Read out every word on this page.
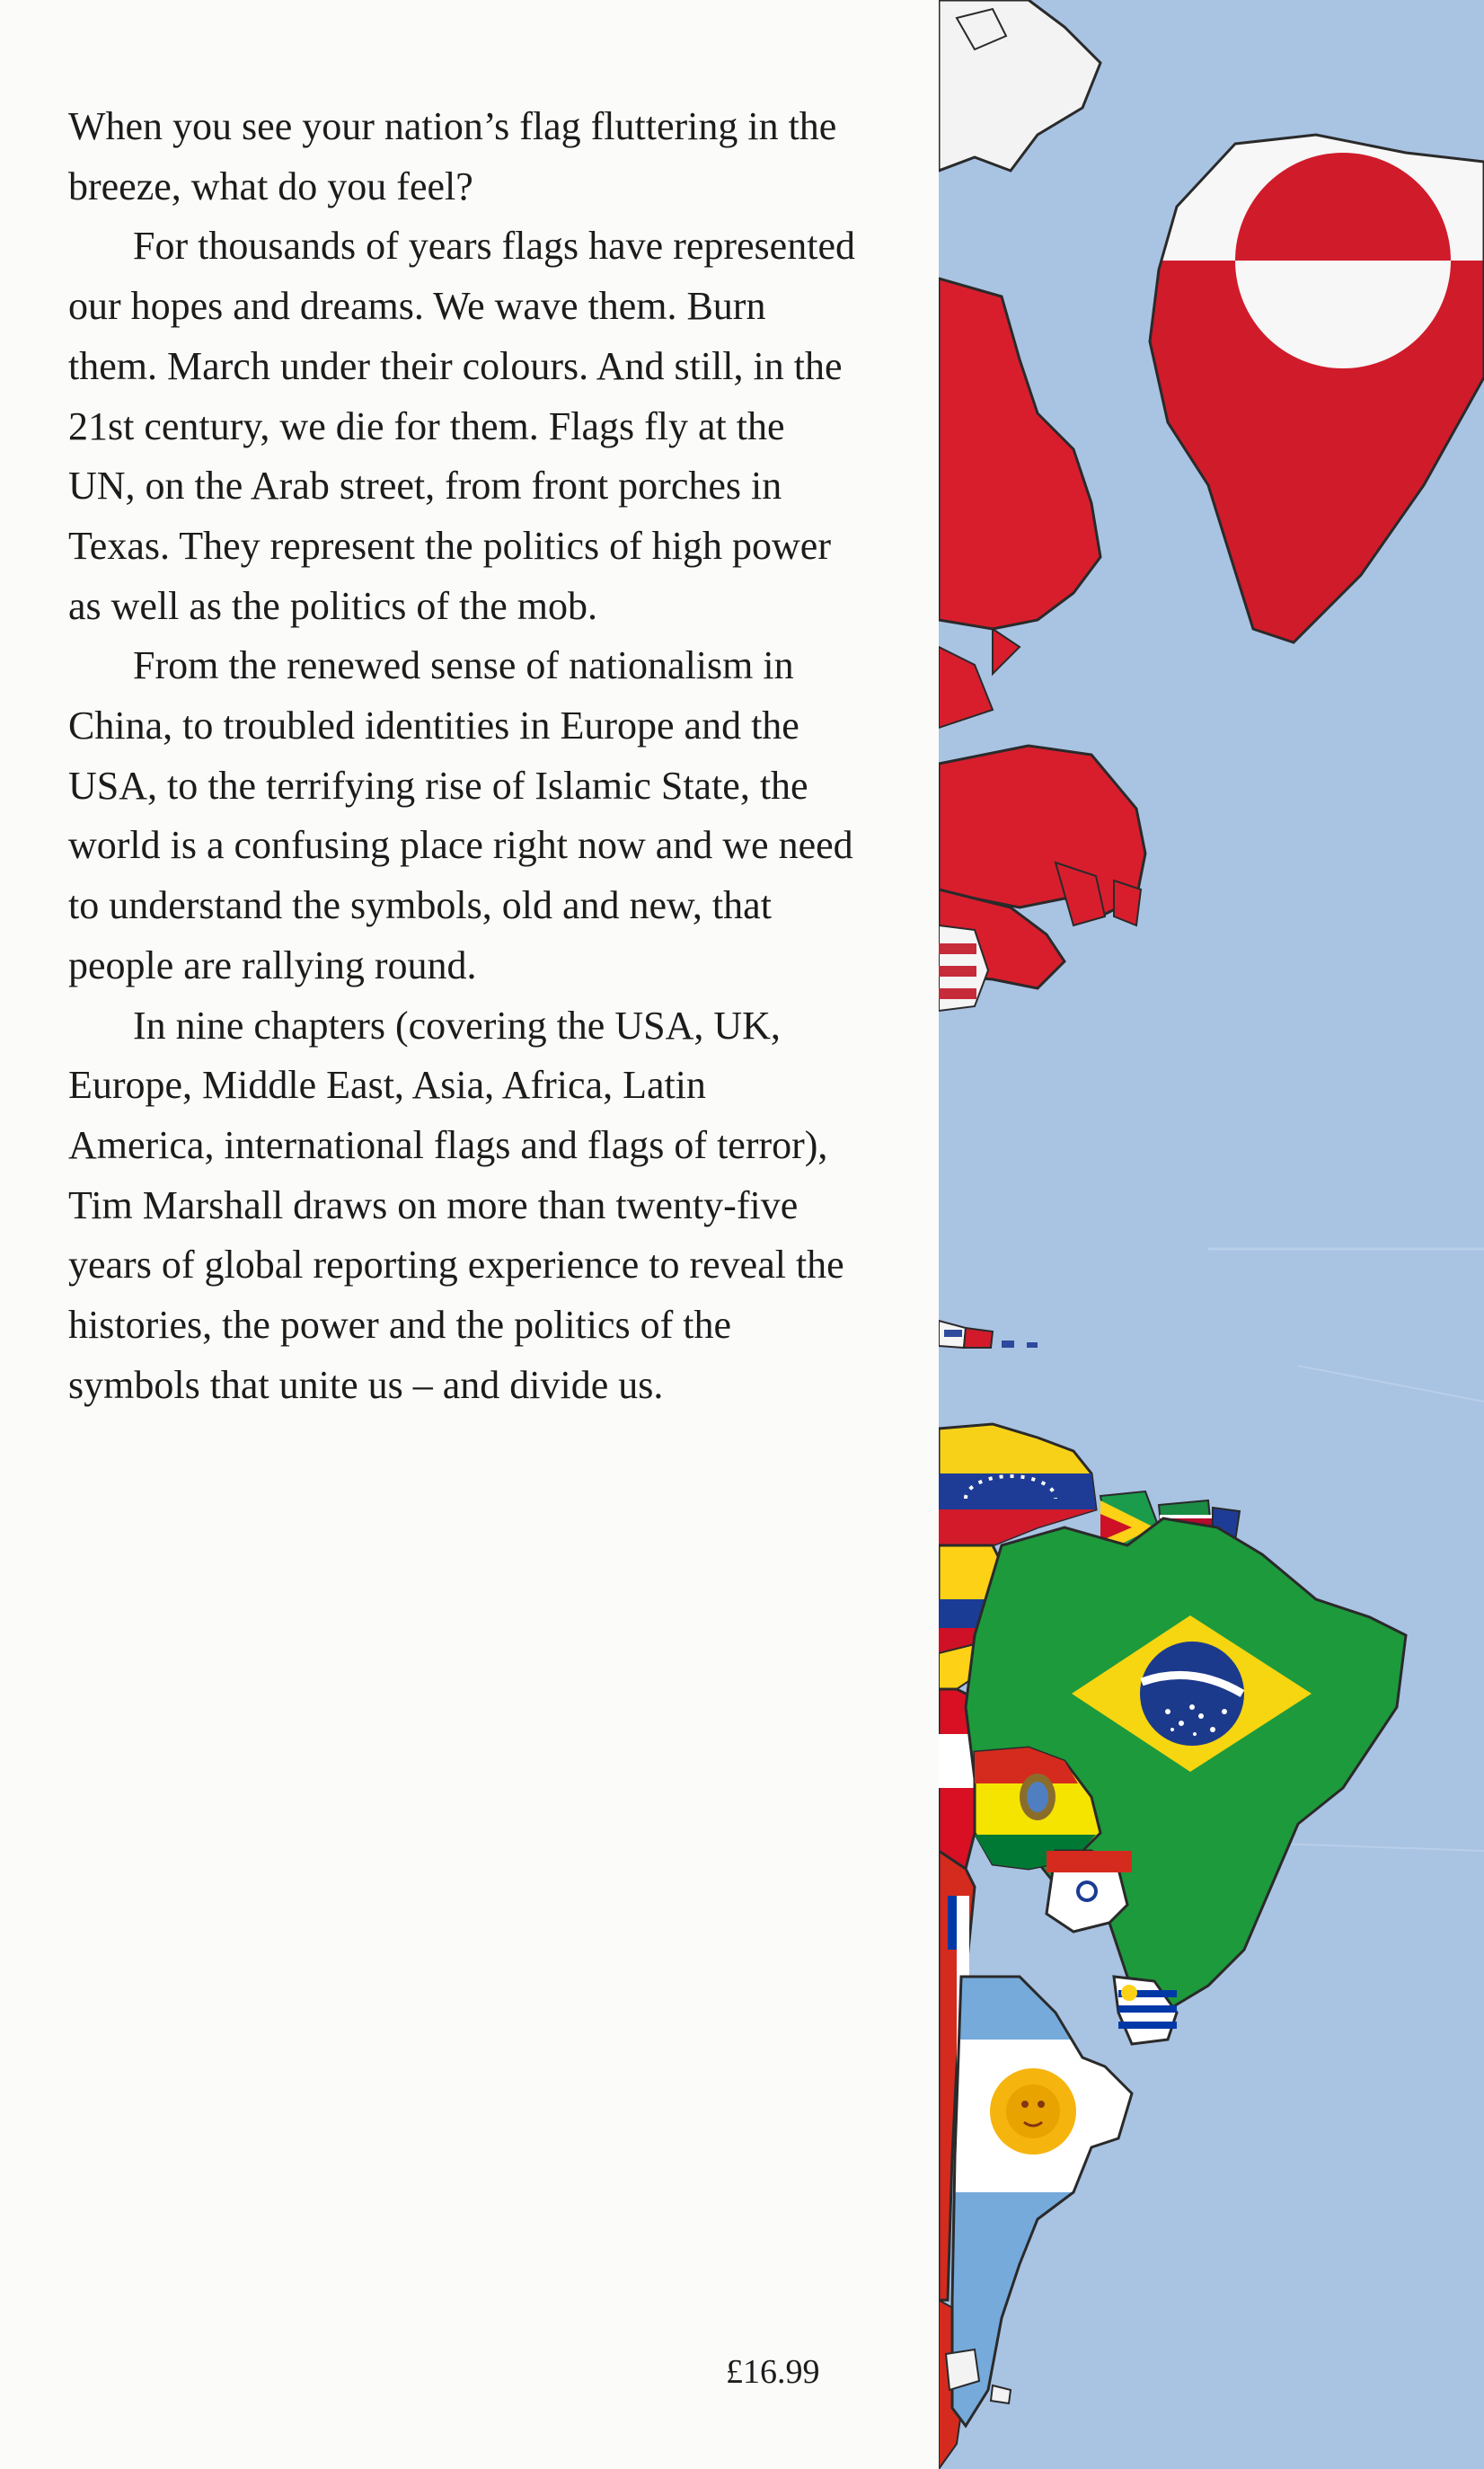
When you see your nation’s flag fluttering in the breeze, what do you feel?

For thousands of years flags have represented our hopes and dreams. We wave them. Burn them. March under their colours. And still, in the 21st century, we die for them. Flags fly at the UN, on the Arab street, from front porches in Texas. They represent the politics of high power as well as the politics of the mob.

From the renewed sense of nationalism in China, to troubled identities in Europe and the USA, to the terrifying rise of Islamic State, the world is a confusing place right now and we need to understand the symbols, old and new, that people are rallying round.

In nine chapters (covering the USA, UK, Europe, Middle East, Asia, Africa, Latin America, international flags and flags of terror), Tim Marshall draws on more than twenty-five years of global reporting experience to reveal the histories, the power and the politics of the symbols that unite us – and divide us.

£16.99
